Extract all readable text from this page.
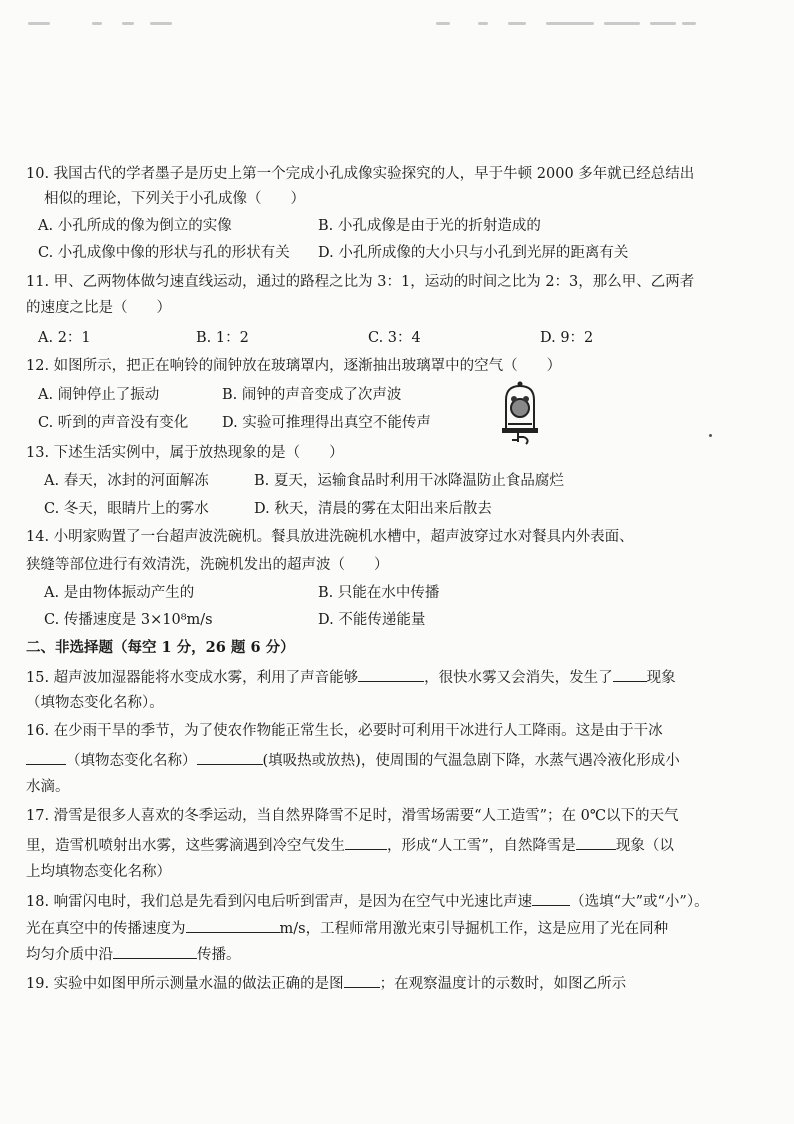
10. 我国古代的学者墨子是历史上第一个完成小孔成像实验探究的人，早于牛顿 2000 多年就已经总结出
相似的理论，下列关于小孔成像（　　）
A. 小孔所成的像为倒立的实像	B. 小孔成像是由于光的折射造成的
C. 小孔成像中像的形状与孔的形状有关 D. 小孔所成像的大小只与小孔到光屏的距离有关
11. 甲、乙两物体做匀速直线运动，通过的路程之比为 3：1，运动的时间之比为 2：3，那么甲、乙两者
的速度之比是（　　）
A. 2：1	B. 1：2	C. 3：4	D. 9：2
12. 如图所示，把正在响铃的闹钟放在玻璃罩内，逐渐抽出玻璃罩中的空气（　　）
A. 闹钟停止了振动	B. 闹钟的声音变成了次声波
C. 听到的声音没有变化 D. 实验可推理得出真空不能传声
13. 下述生活实例中，属于放热现象的是（　　）
A. 春天，冰封的河面解冻	B. 夏天，运输食品时利用干冰降温防止食品腐烂
C. 冬天，眼睛片上的雾水	D. 秋天，清晨的雾在太阳出来后散去
14. 小明家购置了一台超声波洗碗机。餐具放进洗碗机水槽中，超声波穿过水对餐具内外表面、
狭缝等部位进行有效清洗，洗碗机发出的超声波（　　）
A. 是由物体振动产生的	B. 只能在水中传播
C. 传播速度是 3×10⁸m/s	D. 不能传递能量
二、非选择题（每空 1 分，26 题 6 分）
15. 超声波加湿器能将水变成水雾，利用了声音能够	，很快水雾又会消失，发生了 现象
（填物态变化名称）。
16. 在少雨干旱的季节，为了使农作物能正常生长，必要时可利用干冰进行人工降雨。这是由于干冰
（填物态变化名称）	(填吸热或放热)，使周围的气温急剧下降，水蒸气遇冷液化形成小
水滴。
17. 滑雪是很多人喜欢的冬季运动，当自然界降雪不足时，滑雪场需要“人工造雪”；在 0℃以下的天气
里，造雪机喷射出水雾，这些雾滴遇到冷空气发生	，形成“人工雪”，自然降雪是	现象（以
上均填物态变化名称）
18. 响雷闪电时，我们总是先看到闪电后听到雷声，是因为在空气中光速比声速	（选填“大”或“小”）。
光在真空中的传播速度为	m/s，工程师常用激光束引导掘机工作，这是应用了光在同种
均匀介质中沿	传播。
19. 实验中如图甲所示测量水温的做法正确的是图 ；在观察温度计的示数时，如图乙所示
